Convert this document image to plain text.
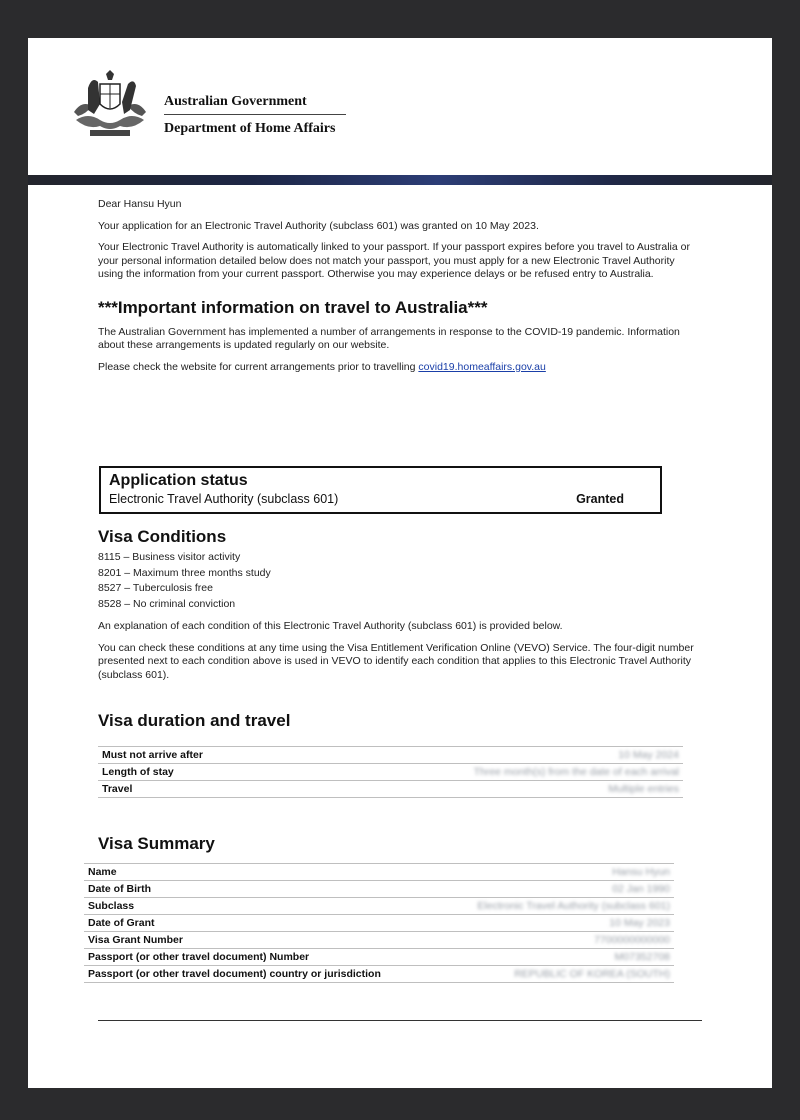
Australian Government
Department of Home Affairs

Dear Hansu Hyun

Your application for an Electronic Travel Authority (subclass 601) was granted on 10 May 2023.

Your Electronic Travel Authority is automatically linked to your passport. If your passport expires before you travel to Australia or your personal information detailed below does not match your passport, you must apply for a new Electronic Travel Authority using the information from your current passport. Otherwise you may experience delays or be refused entry to Australia.

***Important information on travel to Australia***

The Australian Government has implemented a number of arrangements in response to the COVID-19 pandemic. Information about these arrangements is updated regularly on our website.

Please check the website for current arrangements prior to travelling covid19.homeaffairs.gov.au

Application status
Electronic Travel Authority (subclass 601)	Granted
Visa Conditions
8115 – Business visitor activity
8201 – Maximum three months study
8527 – Tuberculosis free
8528 – No criminal conviction

An explanation of each condition of this Electronic Travel Authority (subclass 601) is provided below.

You can check these conditions at any time using the Visa Entitlement Verification Online (VEVO) Service. The four-digit number presented next to each condition above is used in VEVO to identify each condition that applies to this Electronic Travel Authority (subclass 601).

Visa duration and travel
Must not arrive after	10 May 2024
Length of stay	Three month(s) from the date of each arrival
Travel	Multiple entries
Visa Summary
Name	Hansu Hyun
Date of Birth	02 Jan 1990
Subclass	Electronic Travel Authority (subclass 601)
Date of Grant	10 May 2023
Visa Grant Number	7700000000000
Passport (or other travel document) Number	M07352708
Passport (or other travel document) country or jurisdiction	REPUBLIC OF KOREA (SOUTH)
